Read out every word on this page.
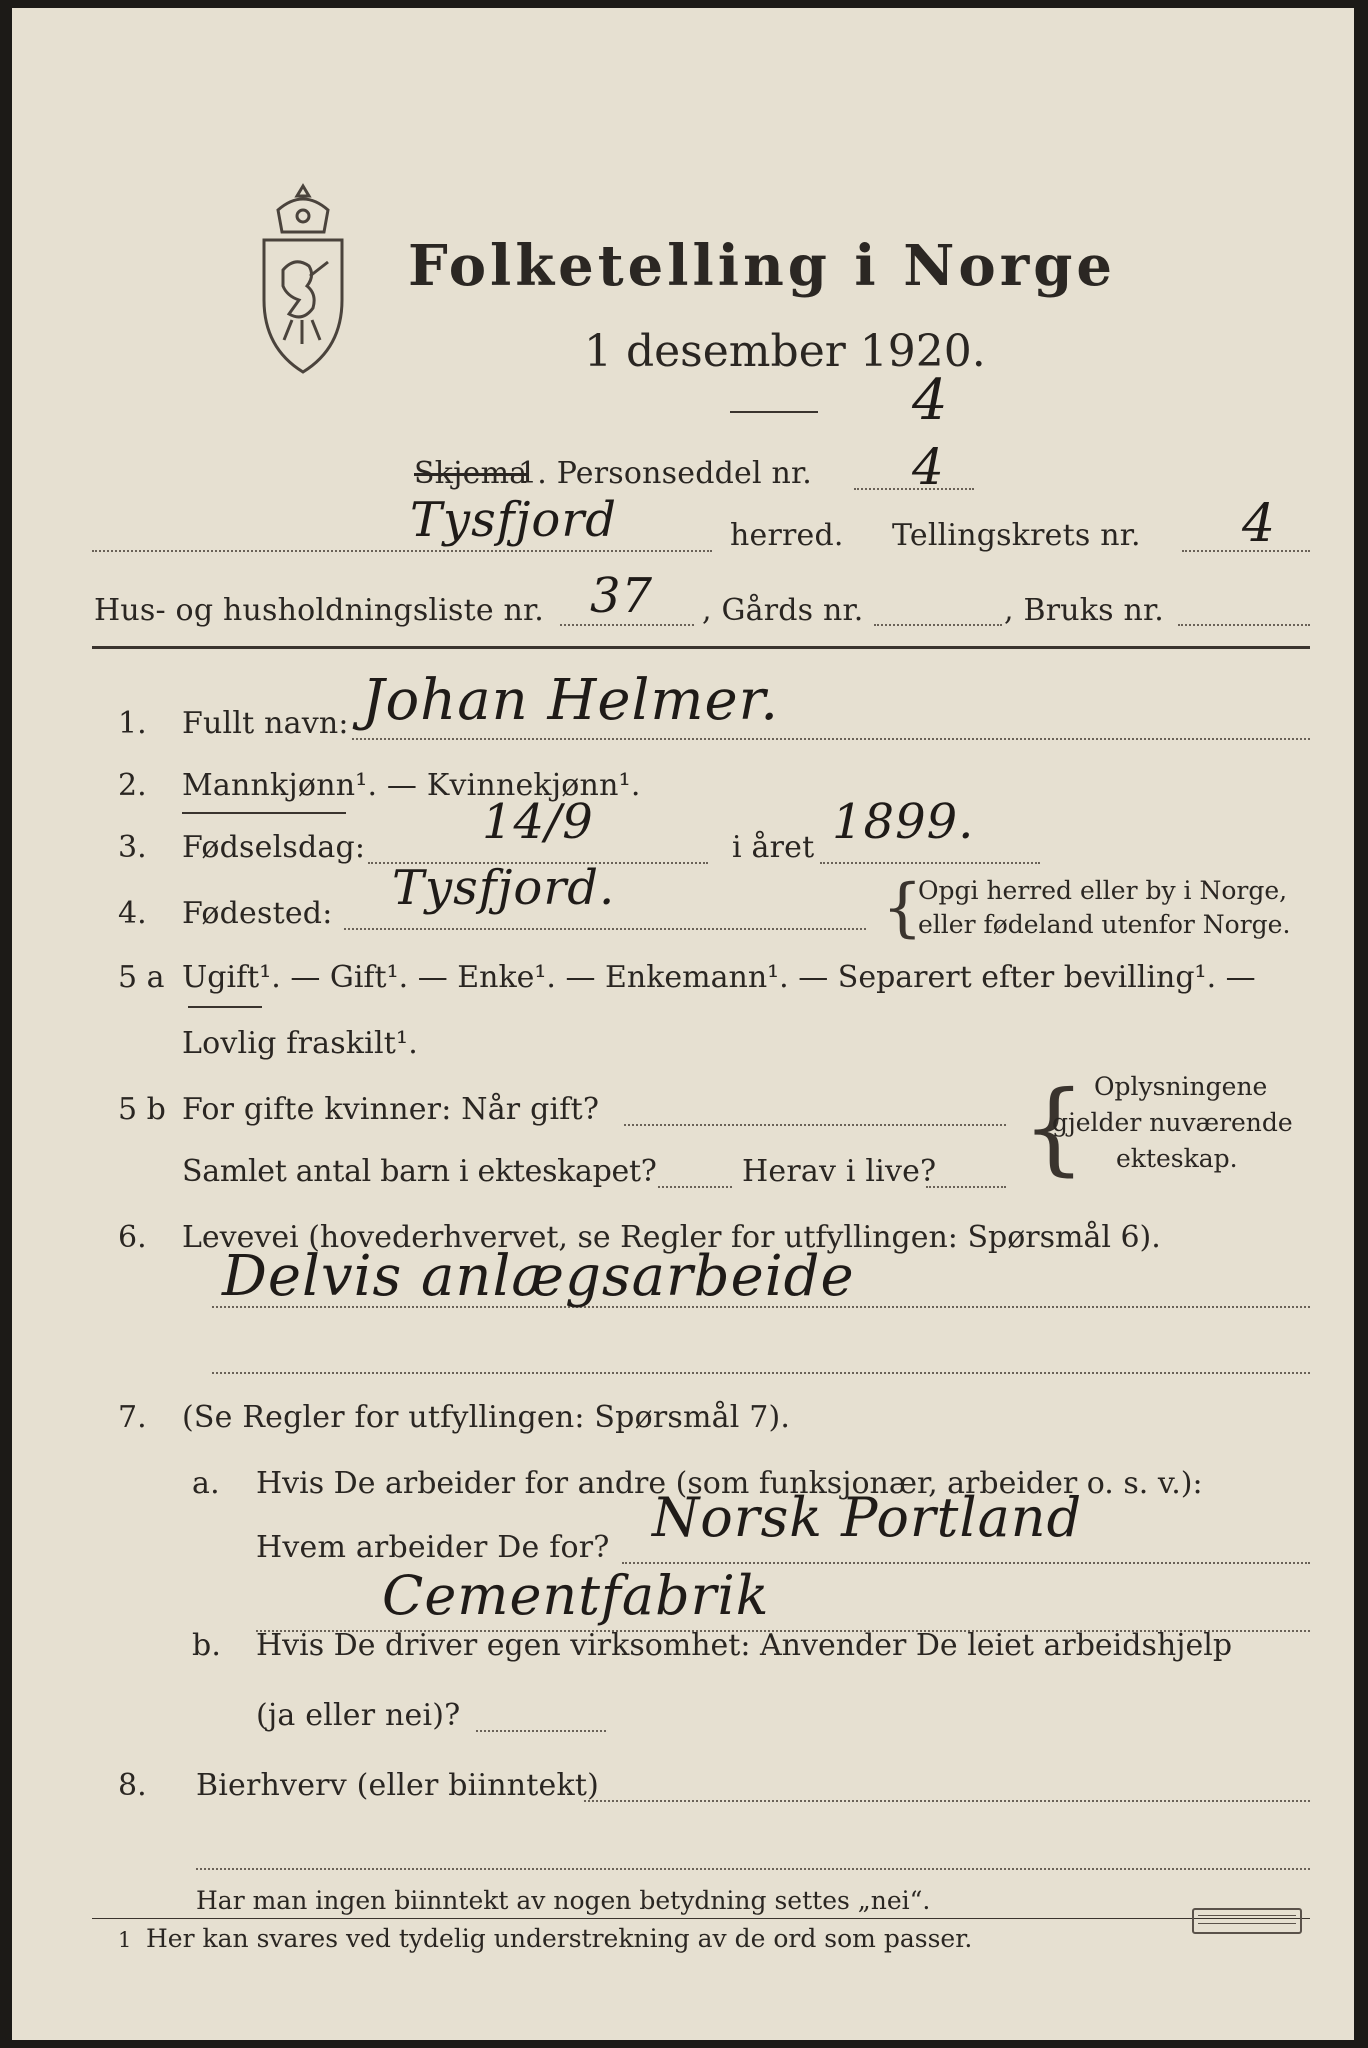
Folketelling i Norge
1 desember 1920.
4
Skjema
1. Personseddel nr. 4
Tysfjord	herred. Tellingskrets nr. 4
Hus- og husholdningsliste nr. 37 , Gårds nr.	, Bruks nr.
1. Fullt navn: Johan Helmer.
2. Mannkjønn¹. — Kvinnekjønn¹.
3. Fødselsdag: 14/9	i året 1899.
4. Fødested: Tysfjord.	{
Opgi herred eller by i Norge,
eller fødeland utenfor Norge.
5 a Ugift¹. — Gift¹. — Enke¹. — Enkemann¹. — Separert efter bevilling¹. —
Lovlig fraskilt¹.
5 b For gifte kvinner: Når gift?
Samlet antal barn i ekteskapet?	Herav i live? { Oplysningene
gjelder nuværende
ekteskap.
6. Levevei (hovederhvervet, se Regler for utfyllingen: Spørsmål 6).
Delvis anlægsarbeide
7. (Se Regler for utfyllingen: Spørsmål 7).
a. Hvis De arbeider for andre (som funksjonær, arbeider o. s. v.):
Hvem arbeider De for? Norsk Portland
Cementfabrik
b. Hvis De driver egen virksomhet: Anvender De leiet arbeidshjelp
(ja eller nei)?
8. Bierhverv (eller biinntekt)
Har man ingen biinntekt av nogen betydning settes „nei“.
1 Her kan svares ved tydelig understrekning av de ord som passer.
